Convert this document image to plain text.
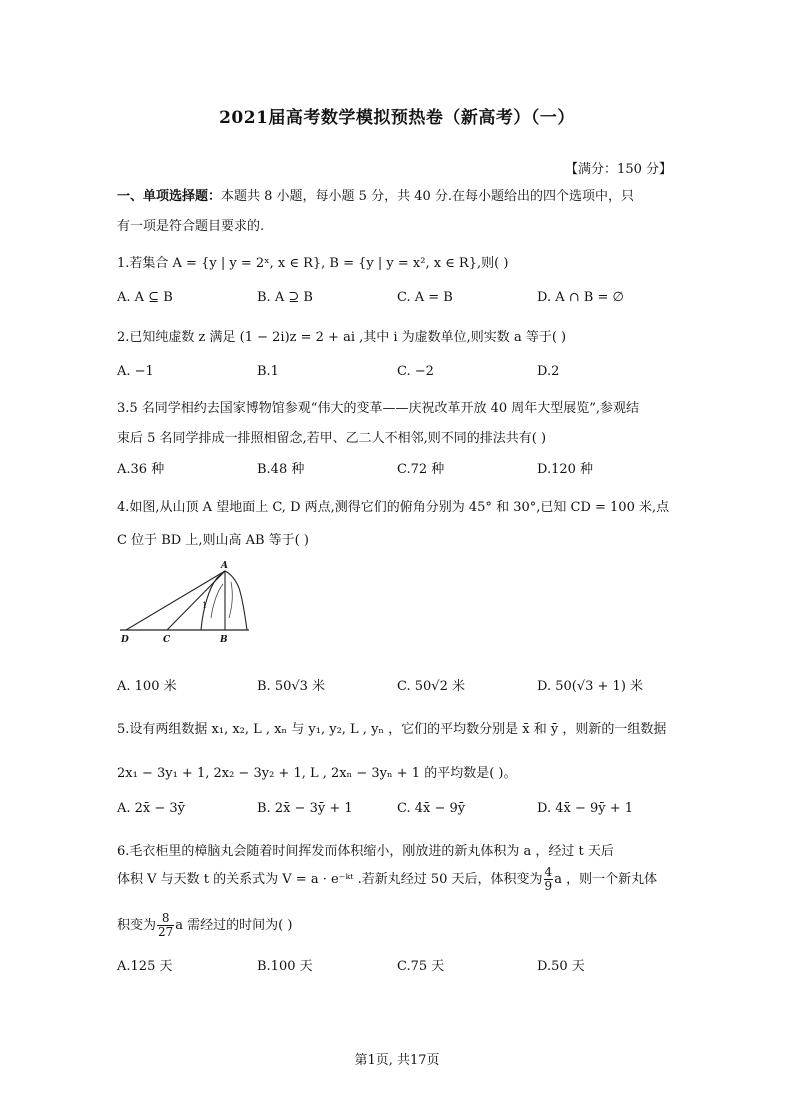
2021届高考数学模拟预热卷（新高考）（一）
【满分：150 分】
一、单项选择题：本题共 8 小题，每小题 5 分，共 40 分.在每小题给出的四个选项中，只
有一项是符合题目要求的.
1.若集合 A = {y | y = 2ˣ, x ∈ R}, B = {y | y = x², x ∈ R},则( )
A. A ⊆ B	B. A ⊇ B	C. A = B	D. A ∩ B = ∅
2.已知纯虚数 z 满足 (1 − 2i)z = 2 + ai ,其中 i 为虚数单位,则实数 a 等于( )
A. −1	B.1	C. −2	D.2
3.5 名同学相约去国家博物馆参观“伟大的变革——庆祝改革开放 40 周年大型展览”,参观结
束后 5 名同学排成一排照相留念,若甲、乙二人不相邻,则不同的排法共有( )
A.36 种	B.48 种	C.72 种	D.120 种
4.如图,从山顶 A 望地面上 C, D 两点,测得它们的俯角分别为 45° 和 30°,已知 CD = 100 米,点
C 位于 BD 上,则山高 AB 等于( )
A
B
C
D
1
A. 100 米	B. 50√3 米	C. 50√2 米	D. 50(√3 + 1) 米
5.设有两组数据 x₁, x₂, L , xₙ 与 y₁, y₂, L , yₙ ，它们的平均数分别是 x̄ 和 ȳ ，则新的一组数据
2x₁ − 3y₁ + 1, 2x₂ − 3y₂ + 1, L , 2xₙ − 3yₙ + 1 的平均数是( )。
A. 2x̄ − 3ȳ	B. 2x̄ − 3ȳ + 1	C. 4x̄ − 9ȳ	D. 4x̄ − 9ȳ + 1
6.毛衣柜里的樟脑丸会随着时间挥发而体积缩小，刚放进的新丸体积为 a ，经过 t 天后
体积 V 与天数 t 的关系式为 V = a · e⁻ᵏᵗ .若新丸经过 50 天后，体积变为 $\frac{4}{9}$ a ，则一个新丸体
积变为 $\frac{8}{27}$ a 需经过的时间为( )
A.125 天	B.100 天	C.75 天	D.50 天
第1页, 共17页
